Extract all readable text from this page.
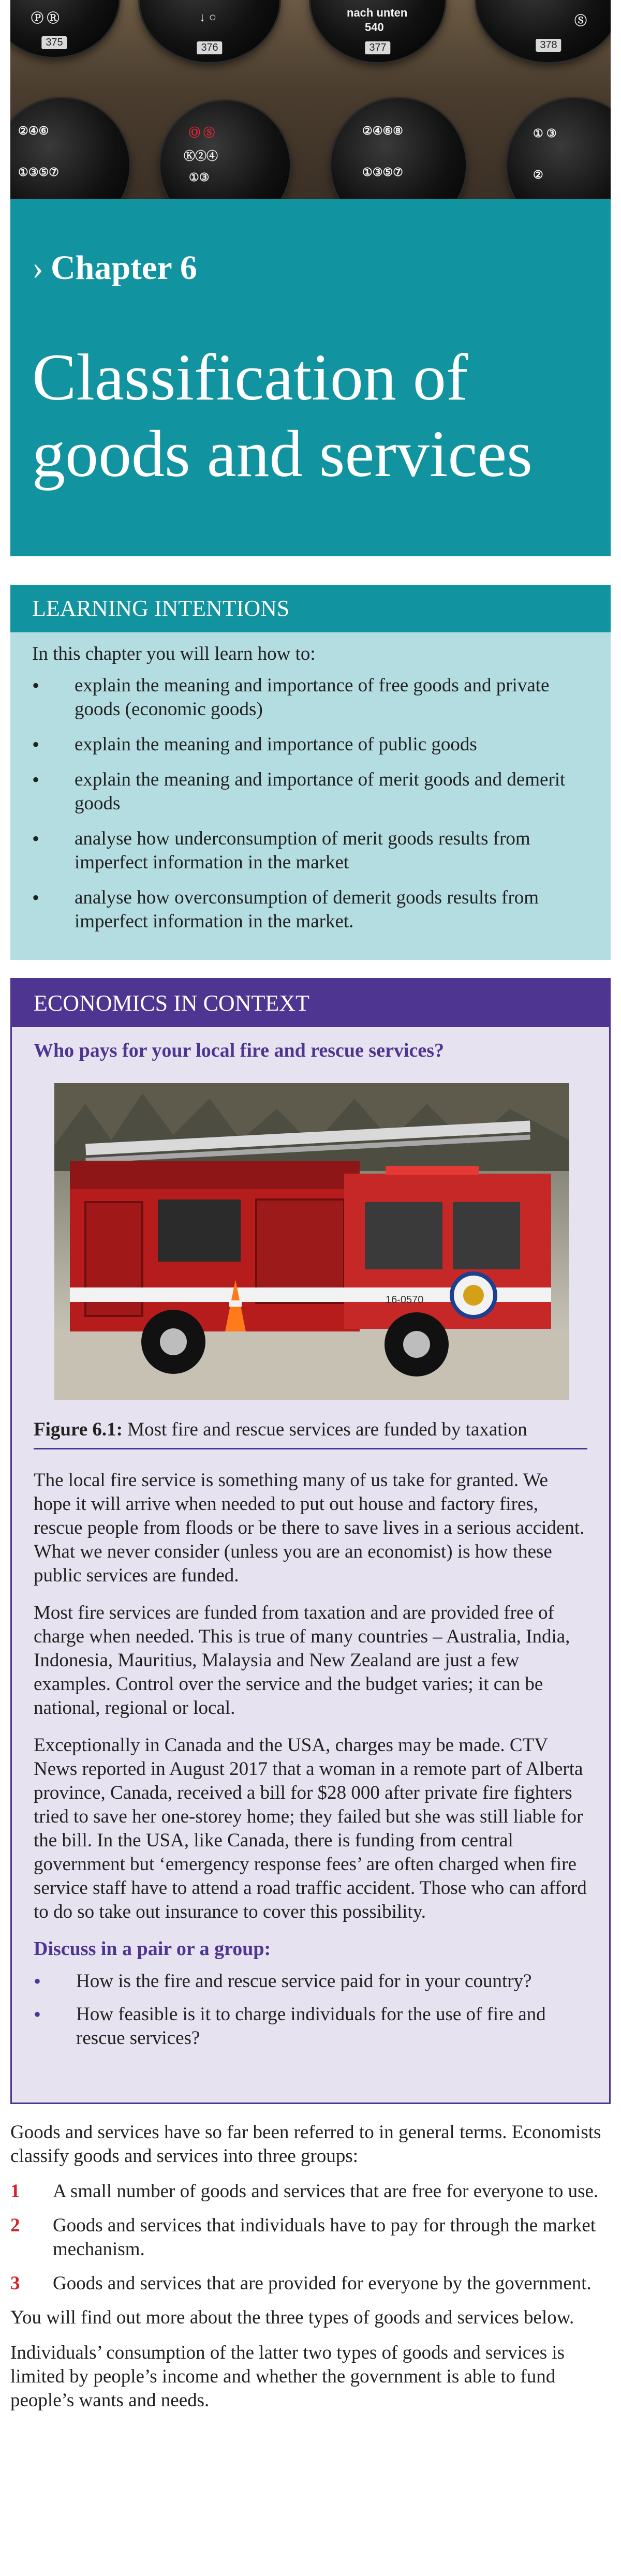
Ⓟ Ⓡ
375
↓ ○
376
nach unten
540
377
Ⓢ
378
②④⑥
①③⑤⑦
Ⓞ Ⓢ
Ⓚ②④
①③
②④⑥⑧
①③⑤⑦
① ③
②
› Chapter 6
Classification of goods and services
LEARNING INTENTIONS
In this chapter you will learn how to:
• explain the meaning and importance of free goods and private goods (economic goods)
• explain the meaning and importance of public goods
• explain the meaning and importance of merit goods and demerit goods
• analyse how underconsumption of merit goods results from imperfect information in the market
• analyse how overconsumption of demerit goods results from imperfect information in the market.
ECONOMICS IN CONTEXT
Who pays for your local fire and rescue services?
16-0570
Figure 6.1: Most fire and rescue services are funded by taxation

The local fire service is something many of us take for granted. We hope it will arrive when needed to put out house and factory fires, rescue people from floods or be there to save lives in a serious accident. What we never consider (unless you are an economist) is how these public services are funded.

Most fire services are funded from taxation and are provided free of charge when needed. This is true of many countries – Australia, India, Indonesia, Mauritius, Malaysia and New Zealand are just a few examples. Control over the service and the budget varies; it can be national, regional or local.

Exceptionally in Canada and the USA, charges may be made. CTV News reported in August 2017 that a woman in a remote part of Alberta province, Canada, received a bill for $28 000 after private fire fighters tried to save her one-storey home; they failed but she was still liable for the bill. In the USA, like Canada, there is funding from central government but ‘emergency response fees’ are often charged when fire service staff have to attend a road traffic accident. Those who can afford to do so take out insurance to cover this possibility.

Discuss in a pair or a group:
• How is the fire and rescue service paid for in your country?
• How feasible is it to charge individuals for the use of fire and rescue services?

Goods and services have so far been referred to in general terms. Economists classify goods and services into three groups:

1 A small number of goods and services that are free for everyone to use.
2 Goods and services that individuals have to pay for through the market mechanism.
3 Goods and services that are provided for everyone by the government.

You will find out more about the three types of goods and services below.

Individuals’ consumption of the latter two types of goods and services is limited by people’s income and whether the government is able to fund people’s wants and needs.
